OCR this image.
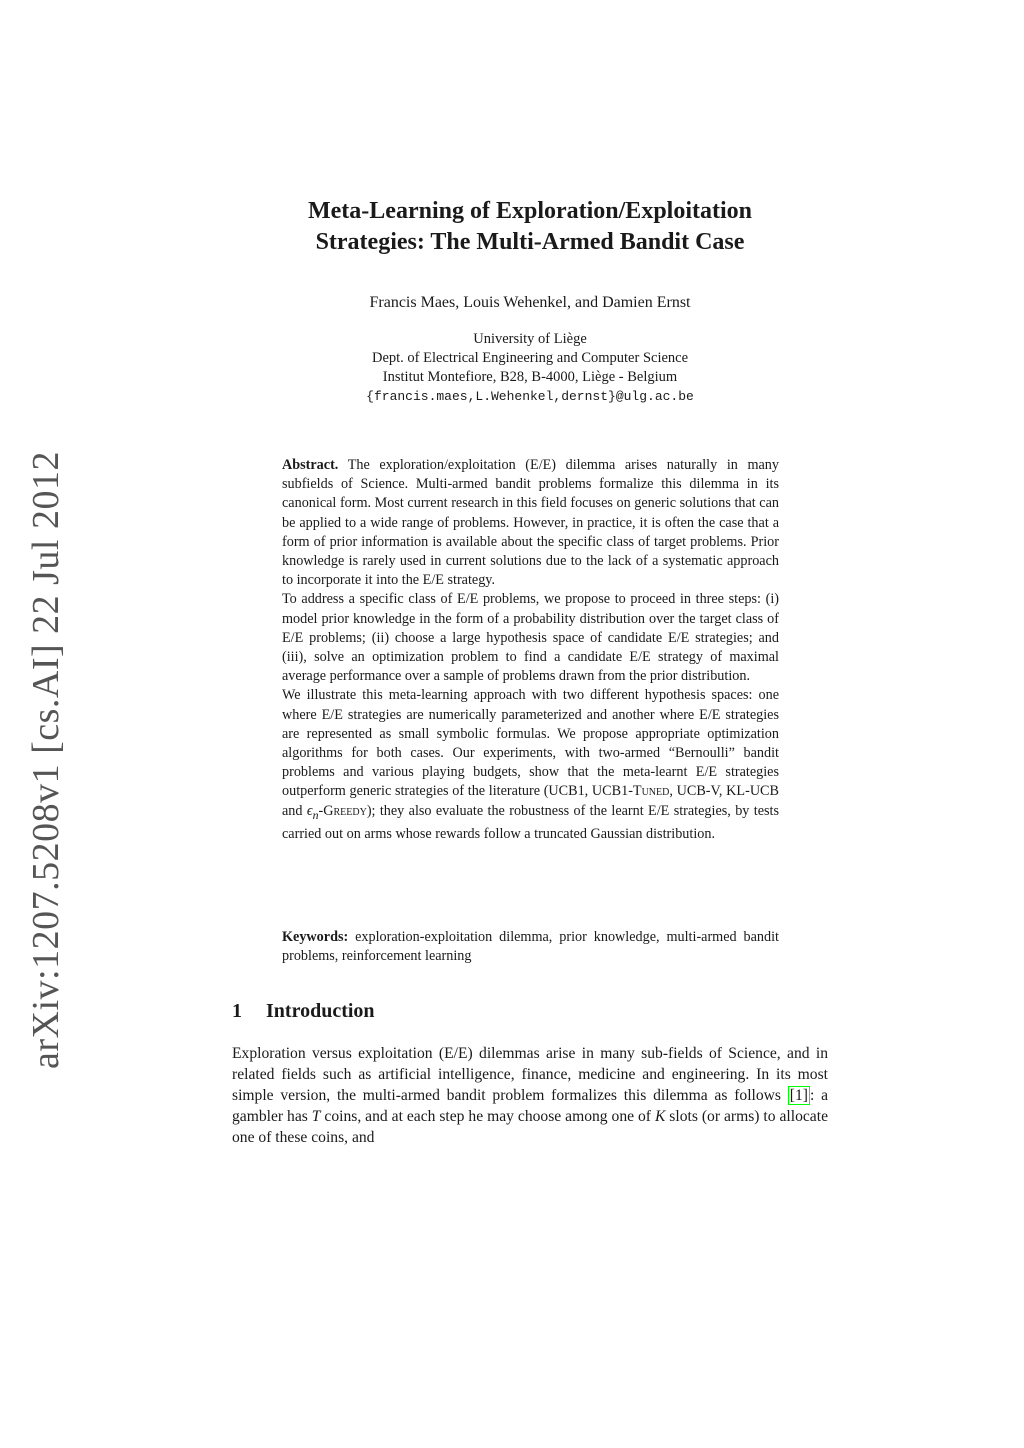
arXiv:1207.5208v1 [cs.AI] 22 Jul 2012
Meta-Learning of Exploration/Exploitation
Strategies: The Multi-Armed Bandit Case
Francis Maes, Louis Wehenkel, and Damien Ernst
University of Liège
Dept. of Electrical Engineering and Computer Science
Institut Montefiore, B28, B-4000, Liège - Belgium
{francis.maes,L.Wehenkel,dernst}@ulg.ac.be

Abstract. The exploration/exploitation (E/E) dilemma arises naturally in many subfields of Science. Multi-armed bandit problems formalize this dilemma in its canonical form. Most current research in this field focuses on generic solutions that can be applied to a wide range of problems. However, in practice, it is often the case that a form of prior information is available about the specific class of target problems. Prior knowledge is rarely used in current solutions due to the lack of a systematic approach to incorporate it into the E/E strategy.

To address a specific class of E/E problems, we propose to proceed in three steps: (i) model prior knowledge in the form of a probability distribution over the target class of E/E problems; (ii) choose a large hypothesis space of candidate E/E strategies; and (iii), solve an optimization problem to find a candidate E/E strategy of maximal average performance over a sample of problems drawn from the prior distribution.

We illustrate this meta-learning approach with two different hypothesis spaces: one where E/E strategies are numerically parameterized and another where E/E strategies are represented as small symbolic formulas. We propose appropriate optimization algorithms for both cases. Our experiments, with two-armed “Bernoulli” bandit problems and various playing budgets, show that the meta-learnt E/E strategies outperform generic strategies of the literature (UCB1, UCB1-Tuned, UCB-V, KL-UCB and $\epsilon_n-Greedy$); they also evaluate the robustness of the learnt E/E strategies, by tests carried out on arms whose rewards follow a truncated Gaussian distribution.

Keywords: exploration-exploitation dilemma, prior knowledge, multi-armed bandit problems, reinforcement learning
1 Introduction
Exploration versus exploitation (E/E) dilemmas arise in many sub-fields of Science, and in related fields such as artificial intelligence, finance, medicine and engineering. In its most simple version, the multi-armed bandit problem formalizes this dilemma as follows [1] : a gambler has T coins, and at each step he may choose among one of K slots (or arms) to allocate one of these coins, and
